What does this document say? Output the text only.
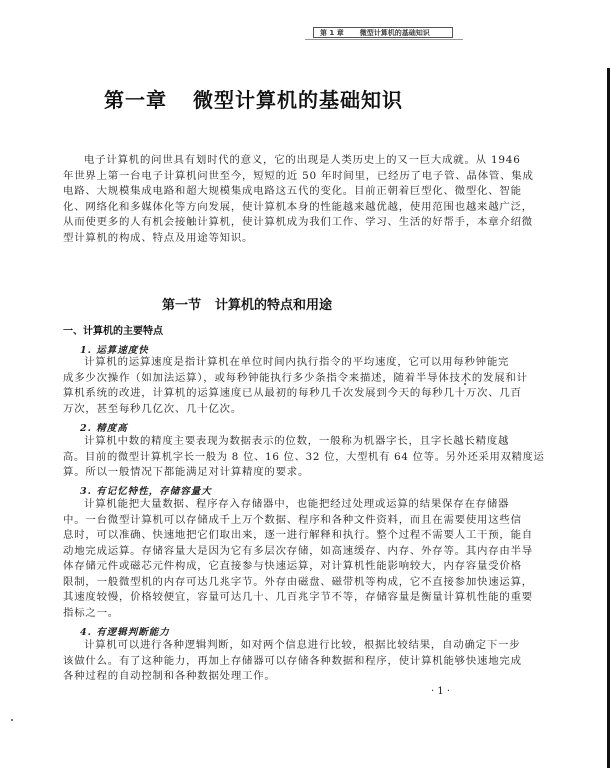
第 1 章 微型计算机的基础知识
第一章 微型计算机的基础知识
电子计算机的问世具有划时代的意义，它的出现是人类历史上的又一巨大成就。从 1946
年世界上第一台电子计算机问世至今，短短的近 50 年时间里，已经历了电子管、晶体管、集成
电路、大规模集成电路和超大规模集成电路这五代的变化。目前正朝着巨型化、微型化、智能
化、网络化和多媒体化等方向发展，使计算机本身的性能越来越优越，使用范围也越来越广泛，
从而使更多的人有机会接触计算机，使计算机成为我们工作、学习、生活的好帮手，本章介绍微
型计算机的构成、特点及用途等知识。
第一节 计算机的特点和用途
一、计算机的主要特点
1. 运算速度快
计算机的运算速度是指计算机在单位时间内执行指令的平均速度，它可以用每秒钟能完
成多少次操作（如加法运算），或每秒钟能执行多少条指令来描述，随着半导体技术的发展和计
算机系统的改进，计算机的运算速度已从最初的每秒几千次发展到今天的每秒几十万次、几百
万次，甚至每秒几亿次、几十亿次。
2. 精度高
计算机中数的精度主要表现为数据表示的位数，一般称为机器字长，且字长越长精度越
高。目前的微型计算机字长一般为 8 位、16 位、32 位，大型机有 64 位等。另外还采用双精度运
算。所以一般情况下都能满足对计算精度的要求。
3. 有记忆特性，存储容量大
计算机能把大量数据、程序存入存储器中，也能把经过处理或运算的结果保存在存储器
中。一台微型计算机可以存储成千上万个数据、程序和各种文件资料，而且在需要使用这些信
息时，可以准确、快速地把它们取出来，逐一进行解释和执行。整个过程不需要人工干预，能自
动地完成运算。存储容量大是因为它有多层次存储，如高速缓存、内存、外存等。其内存由半导
体存储元件或磁芯元件构成，它直接参与快速运算，对计算机性能影响较大，内存容量受价格
限制，一般微型机的内存可达几兆字节。外存由磁盘、磁带机等构成，它不直接参加快速运算，
其速度较慢，价格较便宜，容量可达几十、几百兆字节不等，存储容量是衡量计算机性能的重要
指标之一。
4. 有逻辑判断能力
计算机可以进行各种逻辑判断，如对两个信息进行比较，根据比较结果，自动确定下一步
该做什么。有了这种能力，再加上存储器可以存储各种数据和程序，使计算机能够快速地完成
各种过程的自动控制和各种数据处理工作。
· 1 ·
